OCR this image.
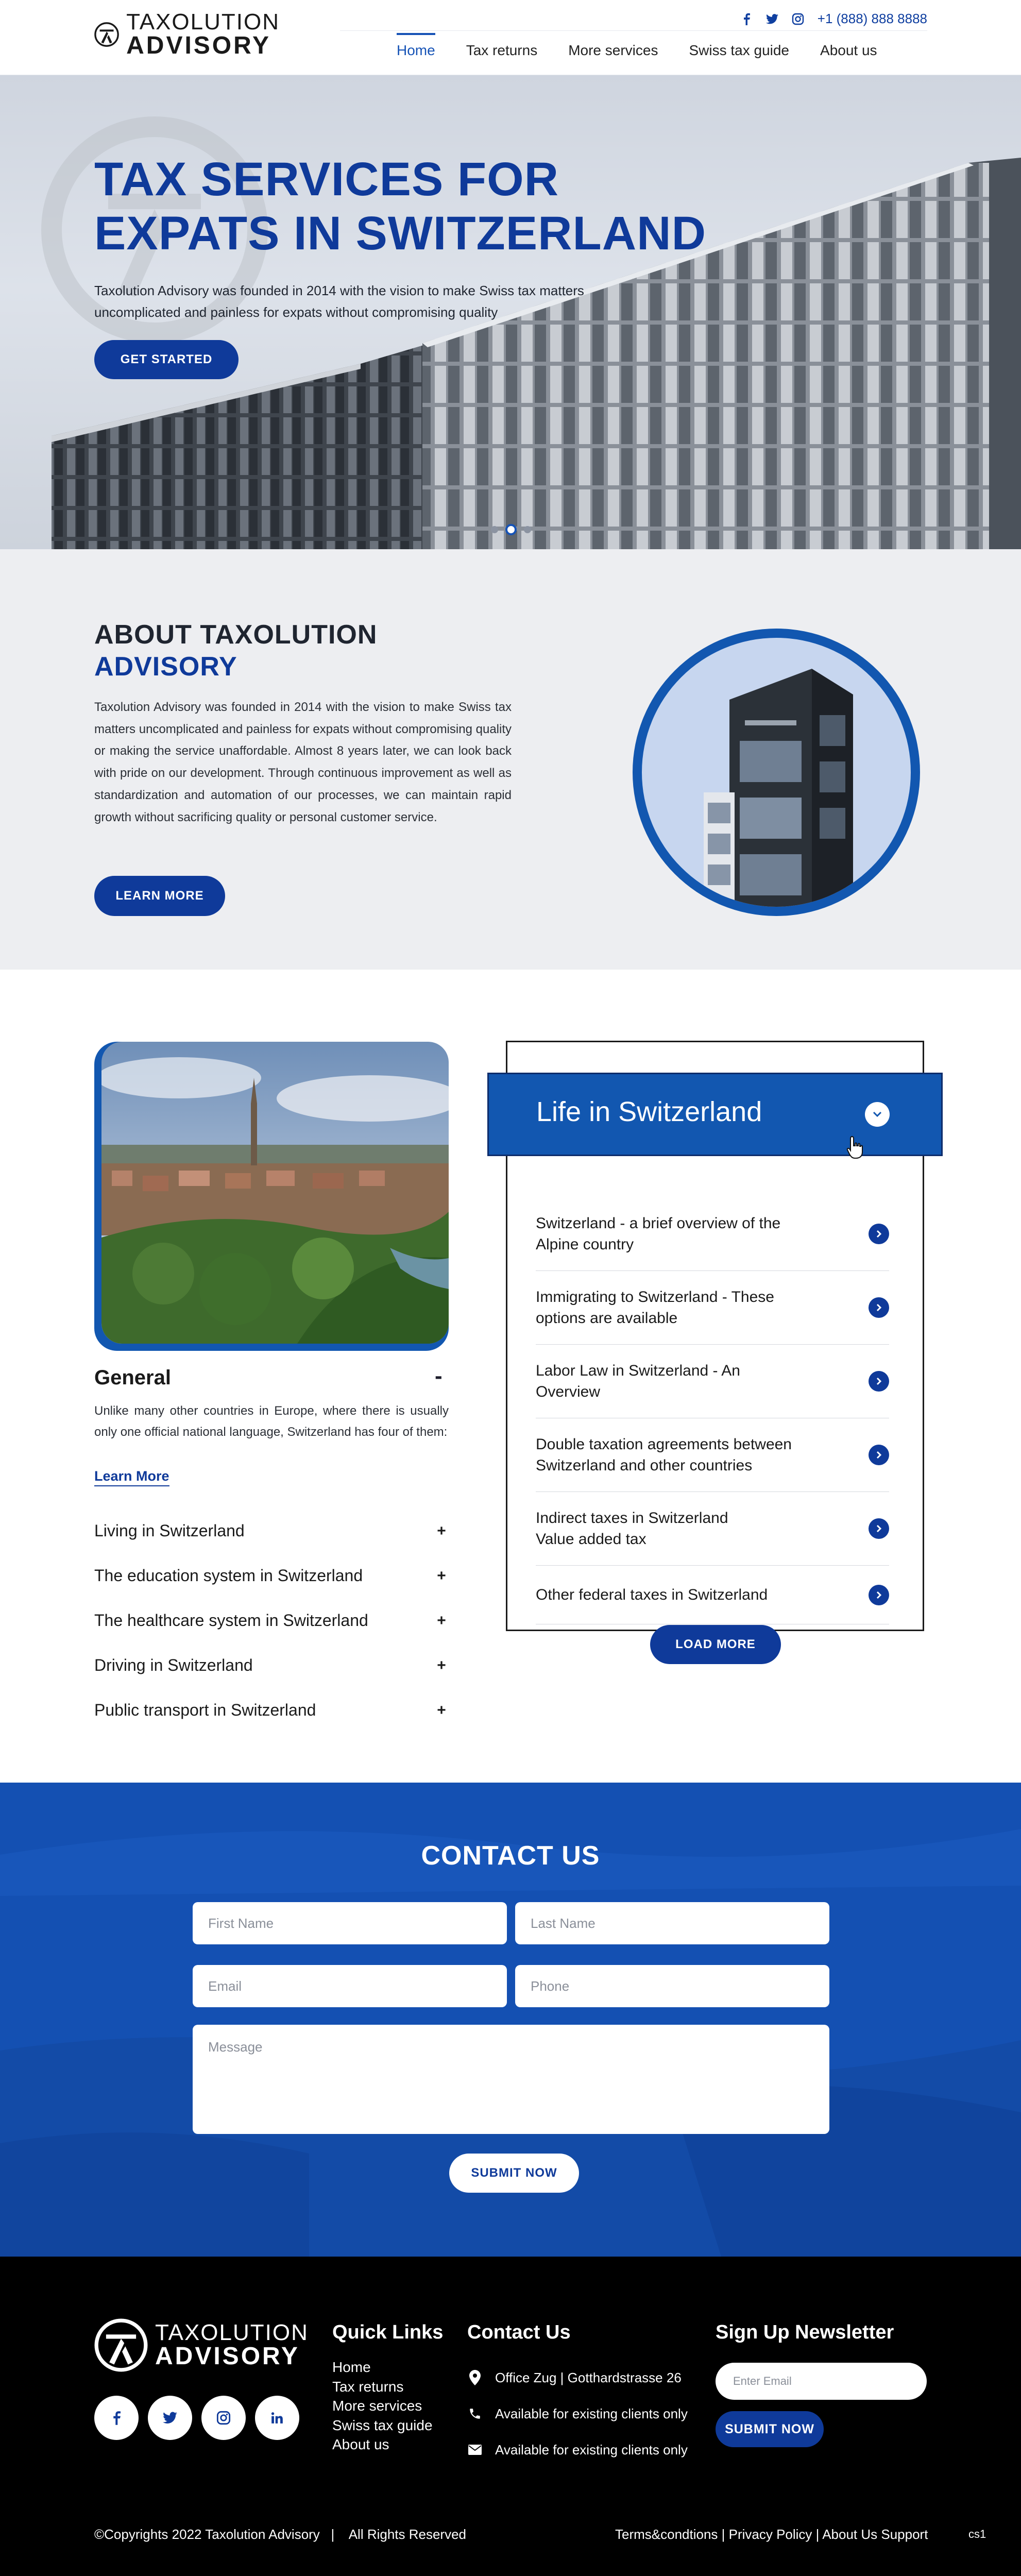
TAXOLUTION
ADVISORY
+1 (888) 888 8888
Home	Tax returns	More services	Swiss tax guide	About us
TAX SERVICES FOR
EXPATS IN SWITZERLAND

Taxolution Advisory was founded in 2014 with the vision to make Swiss tax matters
uncomplicated and painless for expats without compromising quality

GET STARTED
ABOUT TAXOLUTION
ADVISORY

Taxolution Advisory was founded in 2014 with the vision to make Swiss tax matters uncomplicated and painless for expats without compromising quality or making the service unaffordable. Almost 8 years later, we can look back with pride on our development. Through continuous improvement as well as standardization and automation of our processes, we can maintain rapid growth without sacrificing quality or personal customer service.

LEARN MORE
General	-

Unlike many other countries in Europe, where there is usually only one official national language, Switzerland has four of them:

Learn More
Living in Switzerland	+
The education system in Switzerland	+
The healthcare system in Switzerland	+
Driving in Switzerland	+
Public transport in Switzerland	+
Life in Switzerland
Switzerland - a brief overview of the
Alpine country
Immigrating to Switzerland - These
options are available
Labor Law in Switzerland - An
Overview
Double taxation agreements between
Switzerland and other countries
Indirect taxes in Switzerland
Value added tax
Other federal taxes in Switzerland
LOAD MORE
CONTACT US
First Name	Last Name
Email	Phone
Message
SUBMIT NOW
TAXOLUTION
ADVISORY
Quick Links
Home
Tax returns
More services
Swiss tax guide
About us
Contact Us
Office Zug | Gotthardstrasse 26
Available for existing clients only
Available for existing clients only
Sign Up Newsletter
Enter Email
SUBMIT NOW
©Copyrights 2022 Taxolution Advisory   |    All Rights Reserved	Terms&condtions | Privacy Policy | About Us Support	cs1
